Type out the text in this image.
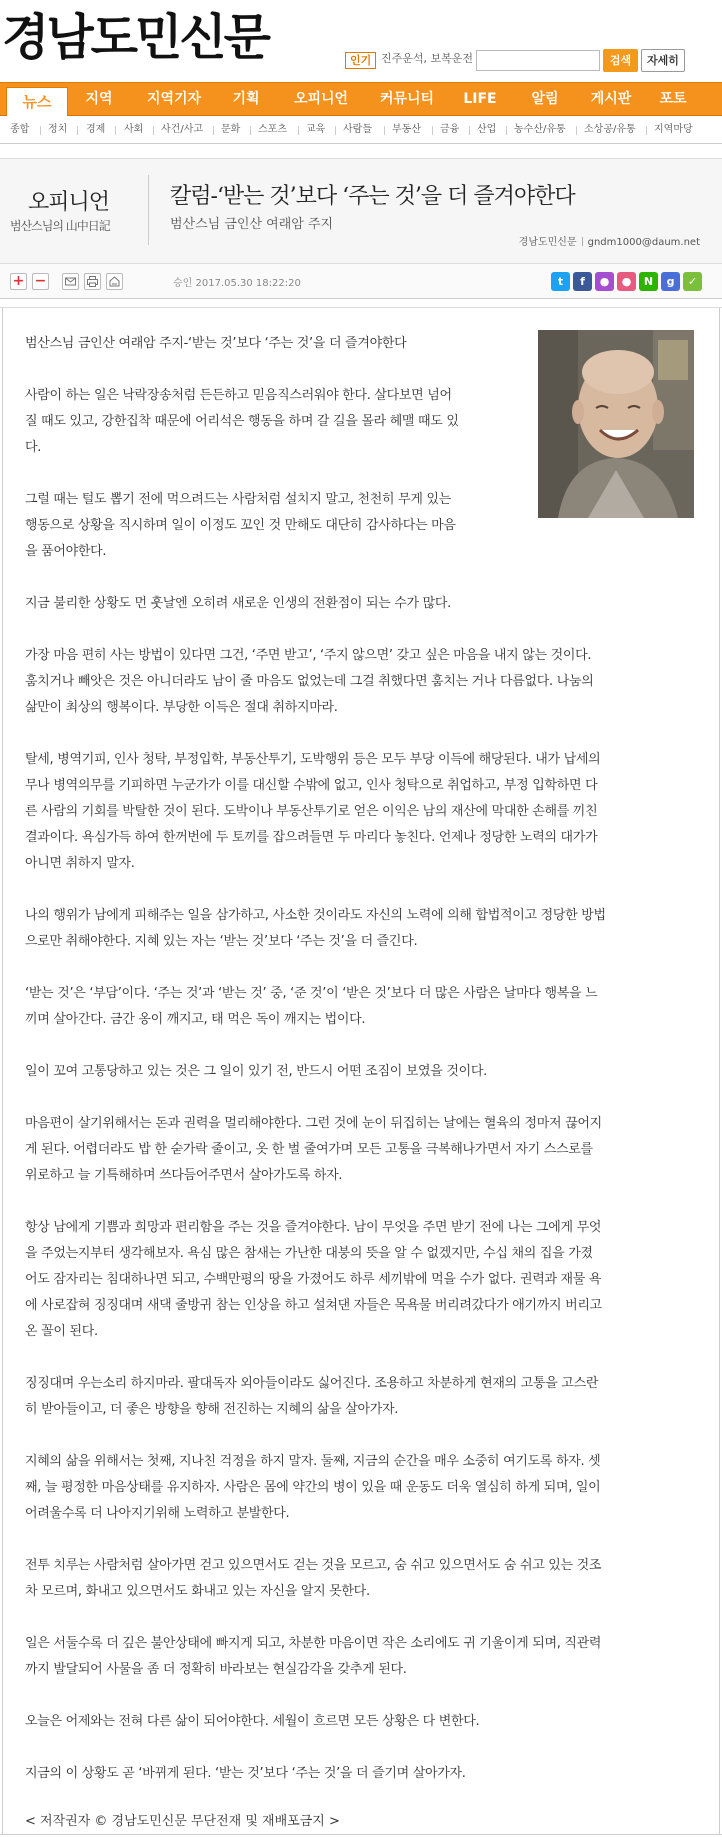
경남도민신문	인기 진주운석, 보복운전	검색	자세히
뉴스	지역	지역기자	기획	오피니언	커뮤니티	LIFE	알림	게시판	포토
종합 정치 경제 사회 사건/사고 문화 스포츠 교육 사람들 부동산 금융 산업 농수산/유통 소상공/유통 지역마당
오피니언
범산스님의 山中日記
칼럼-‘받는 것’보다 ‘주는 것’을 더 즐겨야한다
범산스님 금인산 여래암 주지
경남도민신문 gndm1000@daum.net
+ −	승인 2017.05.30 18:22:20	t	f	●	●	N	g	✓
범산스님 금인산 여래암 주지-‘받는 것’보다 ‘주는 것’을 더 즐겨야한다
사람이 하는 일은 낙락장송처럼 든든하고 믿음직스러워야 한다. 살다보면 넘어
질 때도 있고, 강한집착 때문에 어리석은 행동을 하며 갈 길을 몰라 헤맬 때도 있
다.
그럴 때는 털도 뽑기 전에 먹으려드는 사람처럼 설치지 말고, 천천히 무게 있는
행동으로 상황을 직시하며 일이 이정도 꼬인 것 만해도 대단히 감사하다는 마음
을 품어야한다.
지금 불리한 상황도 먼 훗날엔 오히려 새로운 인생의 전환점이 되는 수가 많다.
가장 마음 편히 사는 방법이 있다면 그건, ‘주면 받고’, ‘주지 않으면’ 갖고 싶은 마음을 내지 않는 것이다.
훔치거나 빼앗은 것은 아니더라도 남이 줄 마음도 없었는데 그걸 취했다면 훔치는 거나 다름없다. 나눔의
삶만이 최상의 행복이다. 부당한 이득은 절대 취하지마라.
탈세, 병역기피, 인사 청탁, 부정입학, 부동산투기, 도박행위 등은 모두 부당 이득에 해당된다. 내가 납세의
무나 병역의무를 기피하면 누군가가 이를 대신할 수밖에 없고, 인사 청탁으로 취업하고, 부정 입학하면 다
른 사람의 기회를 박탈한 것이 된다. 도박이나 부동산투기로 얻은 이익은 남의 재산에 막대한 손해를 끼친
결과이다. 욕심가득 하여 한꺼번에 두 토끼를 잡으려들면 두 마리다 놓친다. 언제나 정당한 노력의 대가가
아니면 취하지 말자.
나의 행위가 남에게 피해주는 일을 삼가하고, 사소한 것이라도 자신의 노력에 의해 합법적이고 정당한 방법
으로만 취해야한다. 지혜 있는 자는 ‘받는 것’보다 ‘주는 것’을 더 즐긴다.
‘받는 것’은 ‘부담’이다. ‘주는 것’과 ‘받는 것’ 중, ‘준 것’이 ‘받은 것’보다 더 많은 사람은 날마다 행복을 느
끼며 살아간다. 금간 옹이 깨지고, 태 먹은 독이 깨지는 법이다.
일이 꼬여 고통당하고 있는 것은 그 일이 있기 전, 반드시 어떤 조짐이 보였을 것이다.
마음편이 살기위해서는 돈과 권력을 멀리해야한다. 그런 것에 눈이 뒤집히는 날에는 혈육의 정마저 끊어지
게 된다. 어렵더라도 밥 한 숟가락 줄이고, 옷 한 벌 줄여가며 모든 고통을 극복해나가면서 자기 스스로를
위로하고 늘 기특해하며 쓰다듬어주면서 살아가도록 하자.
항상 남에게 기쁨과 희망과 편리함을 주는 것을 즐겨야한다. 남이 무엇을 주면 받기 전에 나는 그에게 무엇
을 주었는지부터 생각해보자. 욕심 많은 참새는 가난한 대붕의 뜻을 알 수 없겠지만, 수십 채의 집을 가졌
어도 잠자리는 침대하나면 되고, 수백만평의 땅을 가졌어도 하루 세끼밖에 먹을 수가 없다. 권력과 재물 욕
에 사로잡혀 징징대며 새댁 줄방귀 참는 인상을 하고 설쳐댄 자들은 목욕물 버리려갔다가 애기까지 버리고
온 꼴이 된다.
징징대며 우는소리 하지마라. 팔대독자 외아들이라도 싫어진다. 조용하고 차분하게 현재의 고통을 고스란
히 받아들이고, 더 좋은 방향을 향해 전진하는 지혜의 삶을 살아가자.
지혜의 삶을 위해서는 첫째, 지나친 걱정을 하지 말자. 둘째, 지금의 순간을 매우 소중히 여기도록 하자. 셋
째, 늘 평정한 마음상태를 유지하자. 사람은 몸에 약간의 병이 있을 때 운동도 더욱 열심히 하게 되며, 일이
어려울수록 더 나아지기위해 노력하고 분발한다.
전투 치루는 사람처럼 살아가면 걷고 있으면서도 걷는 것을 모르고, 숨 쉬고 있으면서도 숨 쉬고 있는 것조
차 모르며, 화내고 있으면서도 화내고 있는 자신을 알지 못한다.
일은 서둘수록 더 깊은 불안상태에 빠지게 되고, 차분한 마음이면 작은 소리에도 귀 기울이게 되며, 직관력
까지 발달되어 사물을 좀 더 정확히 바라보는 현실감각을 갖추게 된다.
오늘은 어제와는 전혀 다른 삶이 되어야한다. 세월이 흐르면 모든 상황은 다 변한다.
지금의 이 상황도 곧 ‘바뀌게 된다. ‘받는 것’보다 ‘주는 것’을 더 즐기며 살아가자.
< 저작권자 © 경남도민신문 무단전재 및 재배포금지 >
